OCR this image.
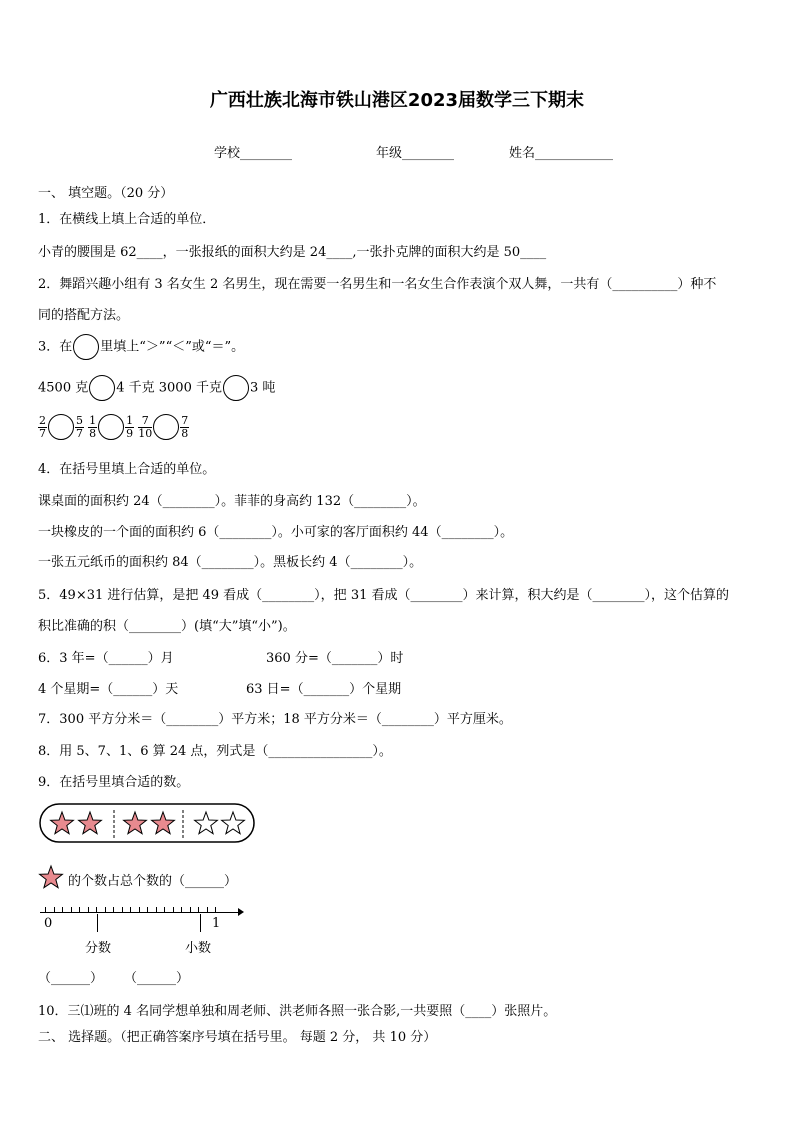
广西壮族北海市铁山港区2023届数学三下期末
学校________	年级________	姓名____________
一、 填空题。（20 分）
1．在横线上填上合适的单位．
小青的腰围是 62____，一张报纸的面积大约是 24____,一张扑克牌的面积大约是 50____
2．舞蹈兴趣小组有 3 名女生 2 名男生，现在需要一名男生和一名女生合作表演个双人舞，一共有（__________）种不
同的搭配方法。
3．在 里填上“＞”“＜”或“＝”。
4500 克 4 千克 3000 千克 3 吨
$\frac{2}{7}$	$\frac{5}{7}$
$\frac{1}{8}$	$\frac{1}{9}$
$\frac{7}{10}$	$\frac{7}{8}$
4．在括号里填上合适的单位。
课桌面的面积约 24（________）。菲菲的身高约 132（________）。
一块橡皮的一个面的面积约 6（________）。小可家的客厅面积约 44（________）。
一张五元纸币的面积约 84（________）。黑板长约 4（________）。
5．49×31 进行估算，是把 49 看成（________），把 31 看成（________）来计算，积大约是（________），这个估算的
积比准确的积（________）(填“大”填“小”)。
6．3 年=（______）月	360 分=（_______）时
4 个星期=（______）天	63 日=（_______）个星期
7．300 平方分米＝（________）平方米；18 平方分米＝（________）平方厘米。
8．用 5、7、1、6 算 24 点，列式是（________________）。
9．在括号里填合适的数。
的个数占总个数的（______）
0	1
分数	小数
（______） （______）
10．三⑴班的 4 名同学想单独和周老师、洪老师各照一张合影,一共要照（____）张照片。
二、 选择题。（把正确答案序号填在括号里。 每题 2 分， 共 10 分）
